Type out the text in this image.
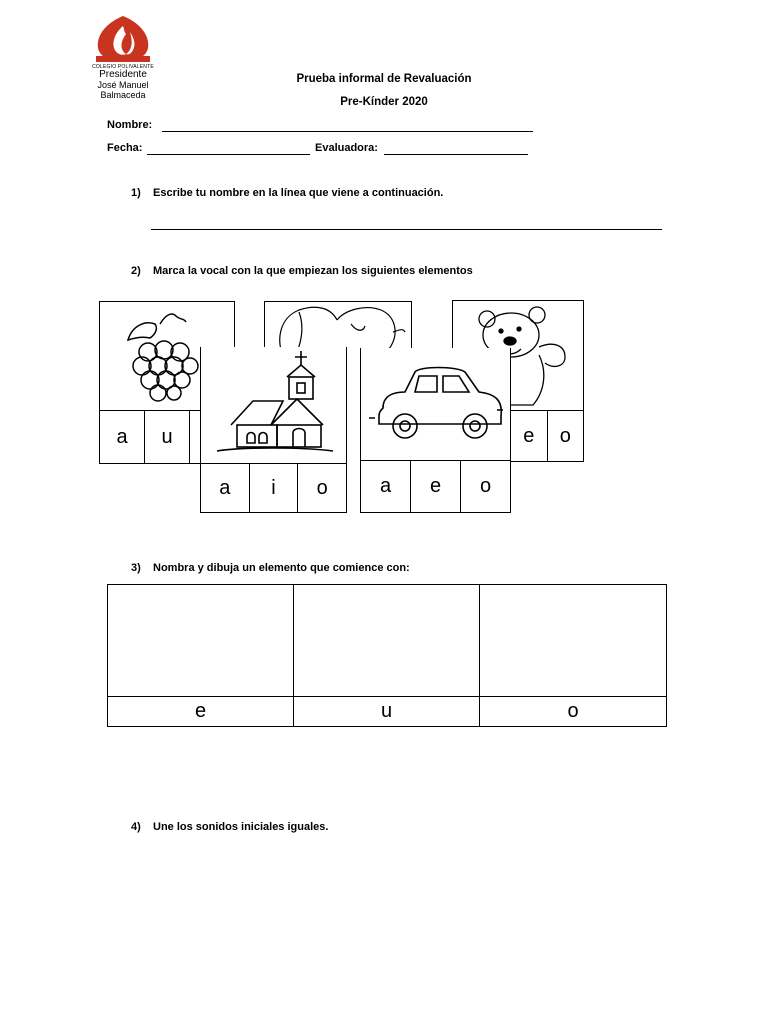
COLEGIO POLIVALENTE
Presidente
José Manuel Balmaceda
Prueba informal de Revaluación
Pre-Kínder 2020
Nombre:
Fecha:	Evaluadora:
1) Escribe tu nombre en la línea que viene a continuación.
2) Marca la vocal con la que empiezan los siguientes elementos
a	u	e	o
a	i	o	a	e	o
3) Nombra y dibuja un elemento que comience con:
e	u	o
4) Une los sonidos iniciales iguales.
